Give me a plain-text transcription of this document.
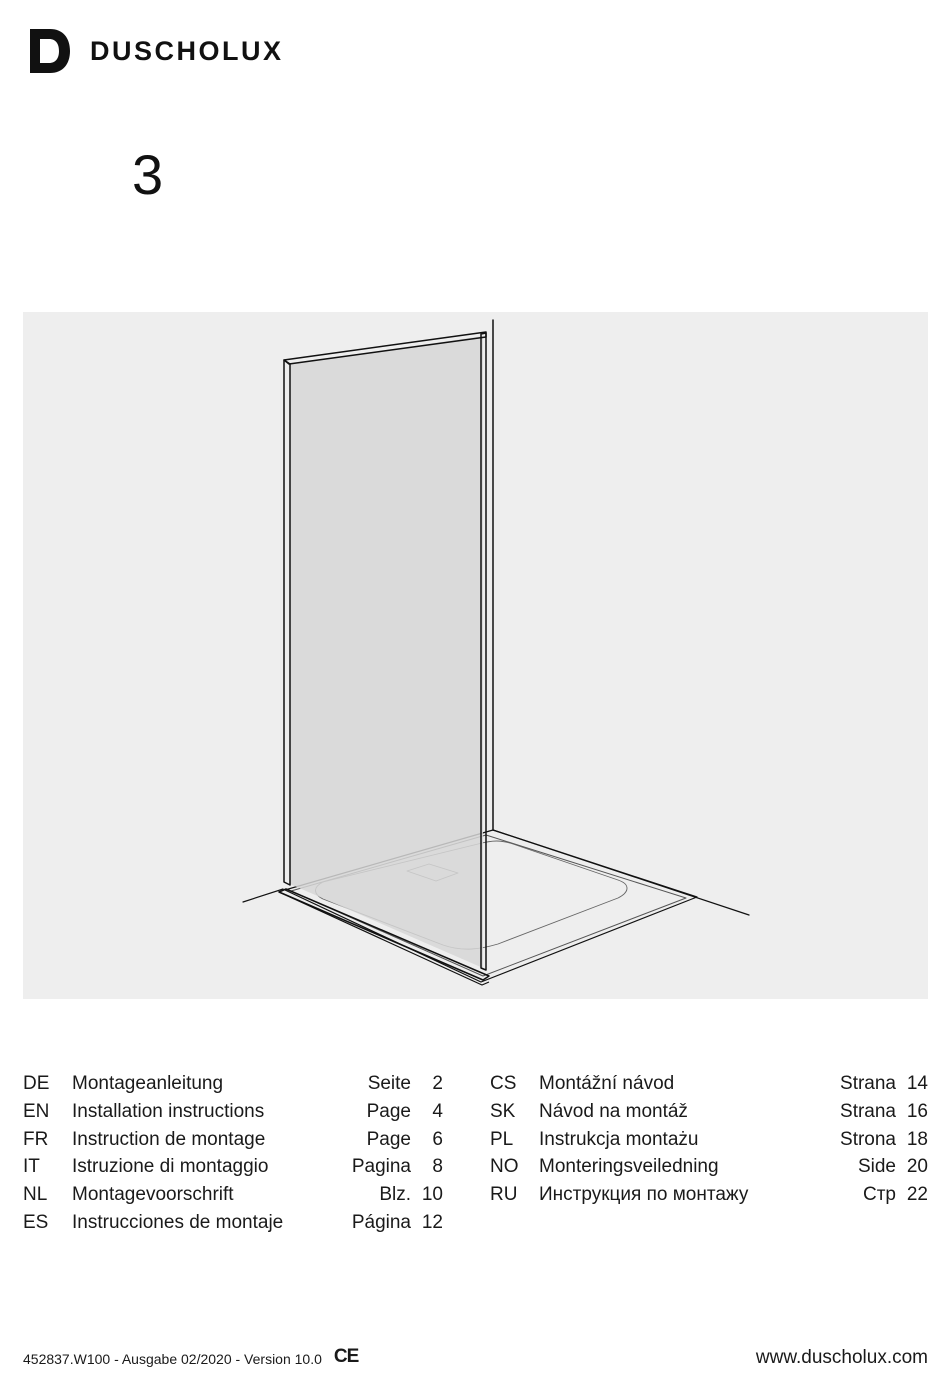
DUSCHOLUX
3
DE Montageanleitung	Seite 2
EN Installation instructions	Page 4
FR Instruction de montage	Page 6
IT Istruzione di montaggio	Pagina 8
NL Montagevoorschrift	Blz. 10
ES Instrucciones de montaje	Página 12
CS Montážní návod	Strana 14
SK Návod na montáž	Strana 16
PL Instrukcja montażu	Strona 18
NO Monteringsveiledning	Side 20
RU Инструкция по монтажу	Стр 22
452837.W100 - Ausgabe 02/2020 - Version 10.0 CE	www.duscholux.com
